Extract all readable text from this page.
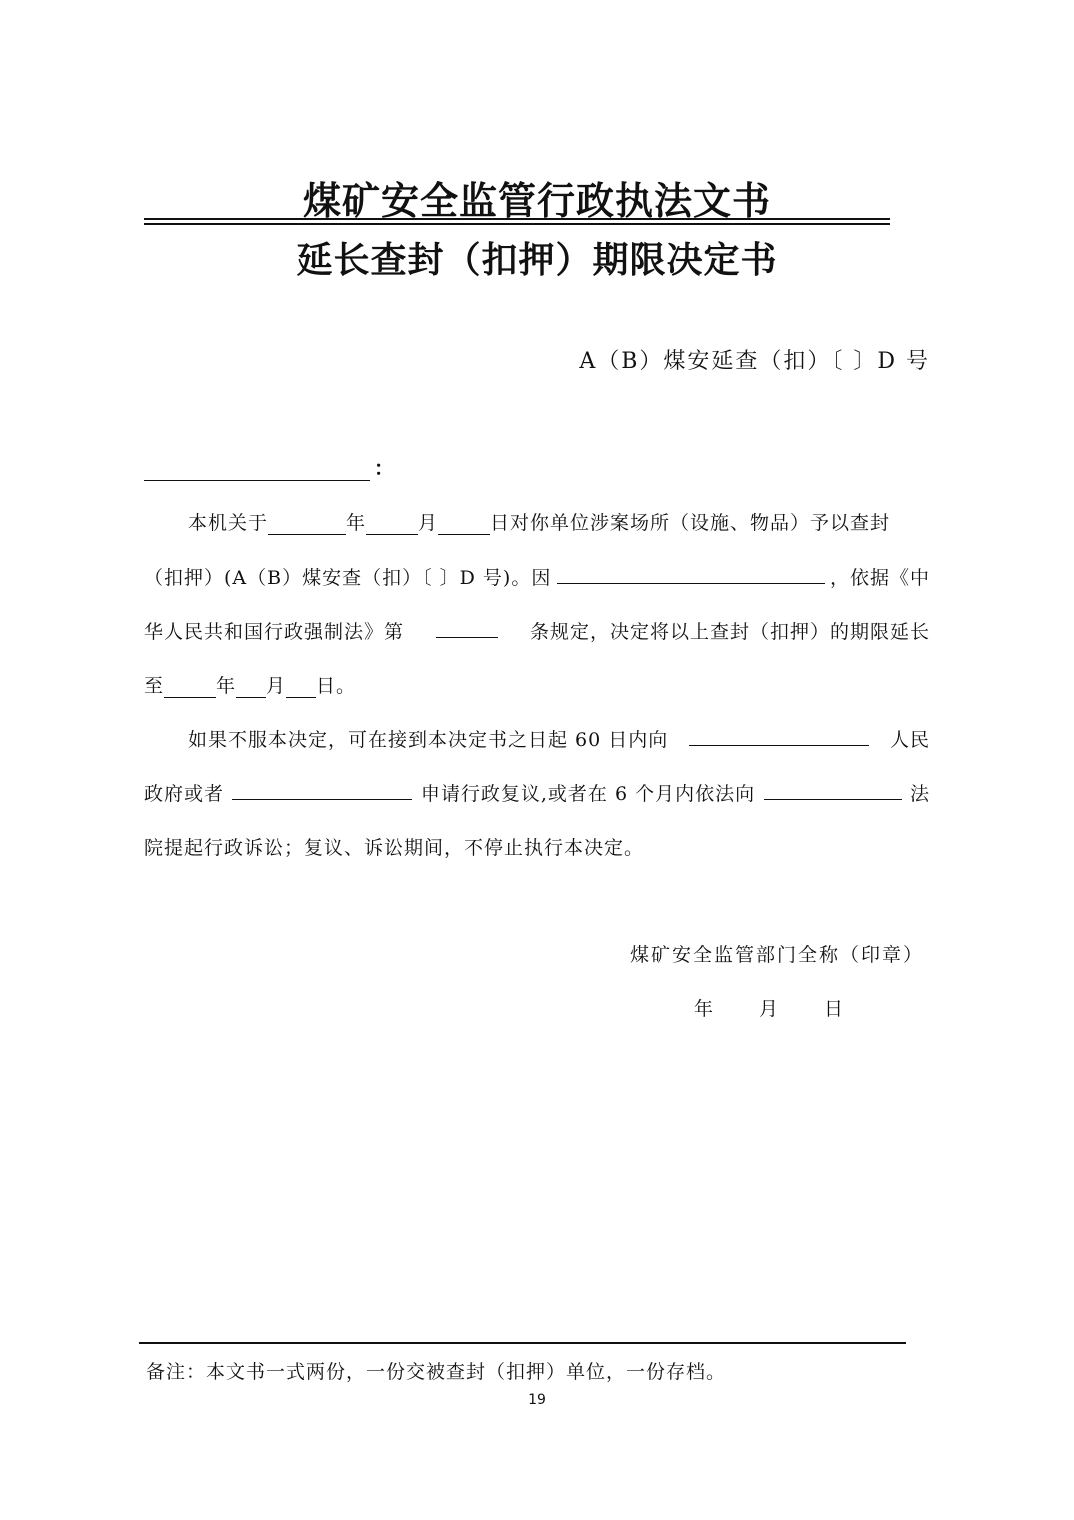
煤矿安全监管行政执法文书
延长查封（扣押）期限决定书
A（B）煤安延查（扣）〔 〕D 号
：
本机关于	年	月	日对你单位涉案场所（设施、物品）予以查封
（扣押）(A（B）煤安查（扣）〔 〕D 号)。因	，依据《中
华人民共和国行政强制法》第	条规定，决定将以上查封（扣押）的期限延长
至	年 月 日。
如果不服本决定，可在接到本决定书之日起 60 日内向	人民
政府或者	申请行政复议,或者在 6 个月内依法向	法
院提起行政诉讼；复议、诉讼期间，不停止执行本决定。
煤矿安全监管部门全称（印章）
年 月 日
备注：本文书一式两份，一份交被查封（扣押）单位，一份存档。
19
